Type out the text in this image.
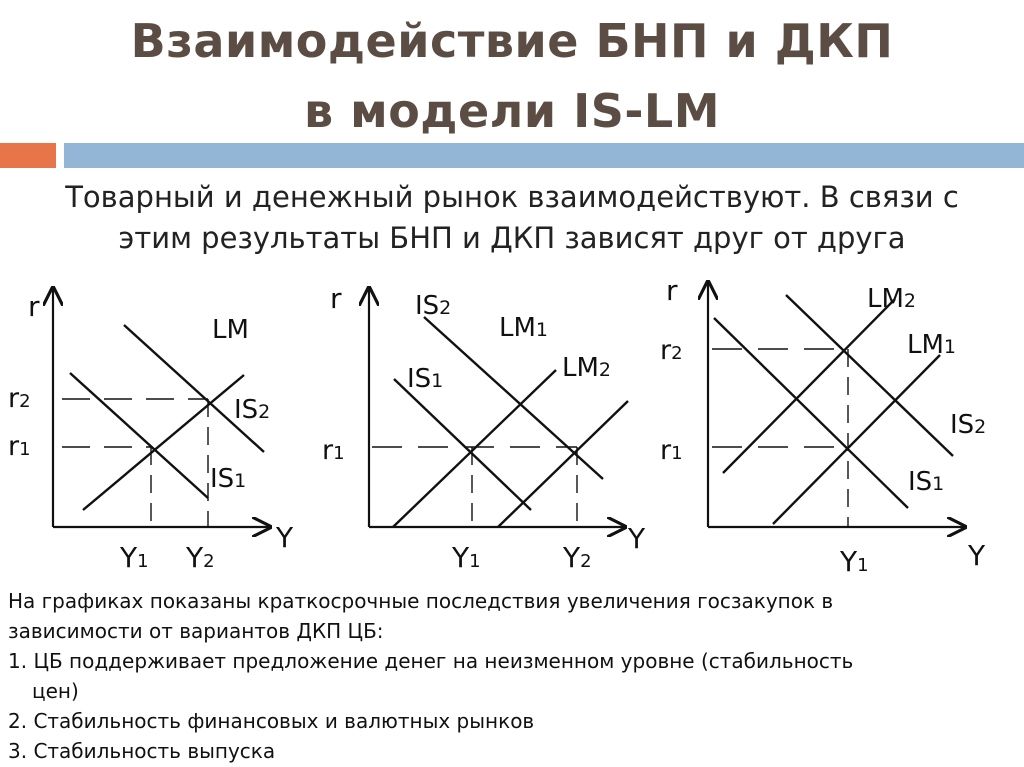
Взаимодействие БНП и ДКП
в модели IS-LM

Товарный и денежный рынок взаимодействуют. В связи с

этим результаты БНП и ДКП зависят друг от друга

r
Y
LM
IS2
IS1
r2
r1
Y1 Y2
r
Y
IS2
LM1
IS1	LM2
r1
Y1	Y2
r
Y
LM2
LM1
IS2
IS1
r2
r1
Y1

На графиках показаны краткосрочные последствия увеличения госзакупок в

зависимости от вариантов ДКП ЦБ:

1. ЦБ поддерживает предложение денег на неизменном уровне (стабильность

цен)

2. Стабильность финансовых и валютных рынков

3. Стабильность выпуска
